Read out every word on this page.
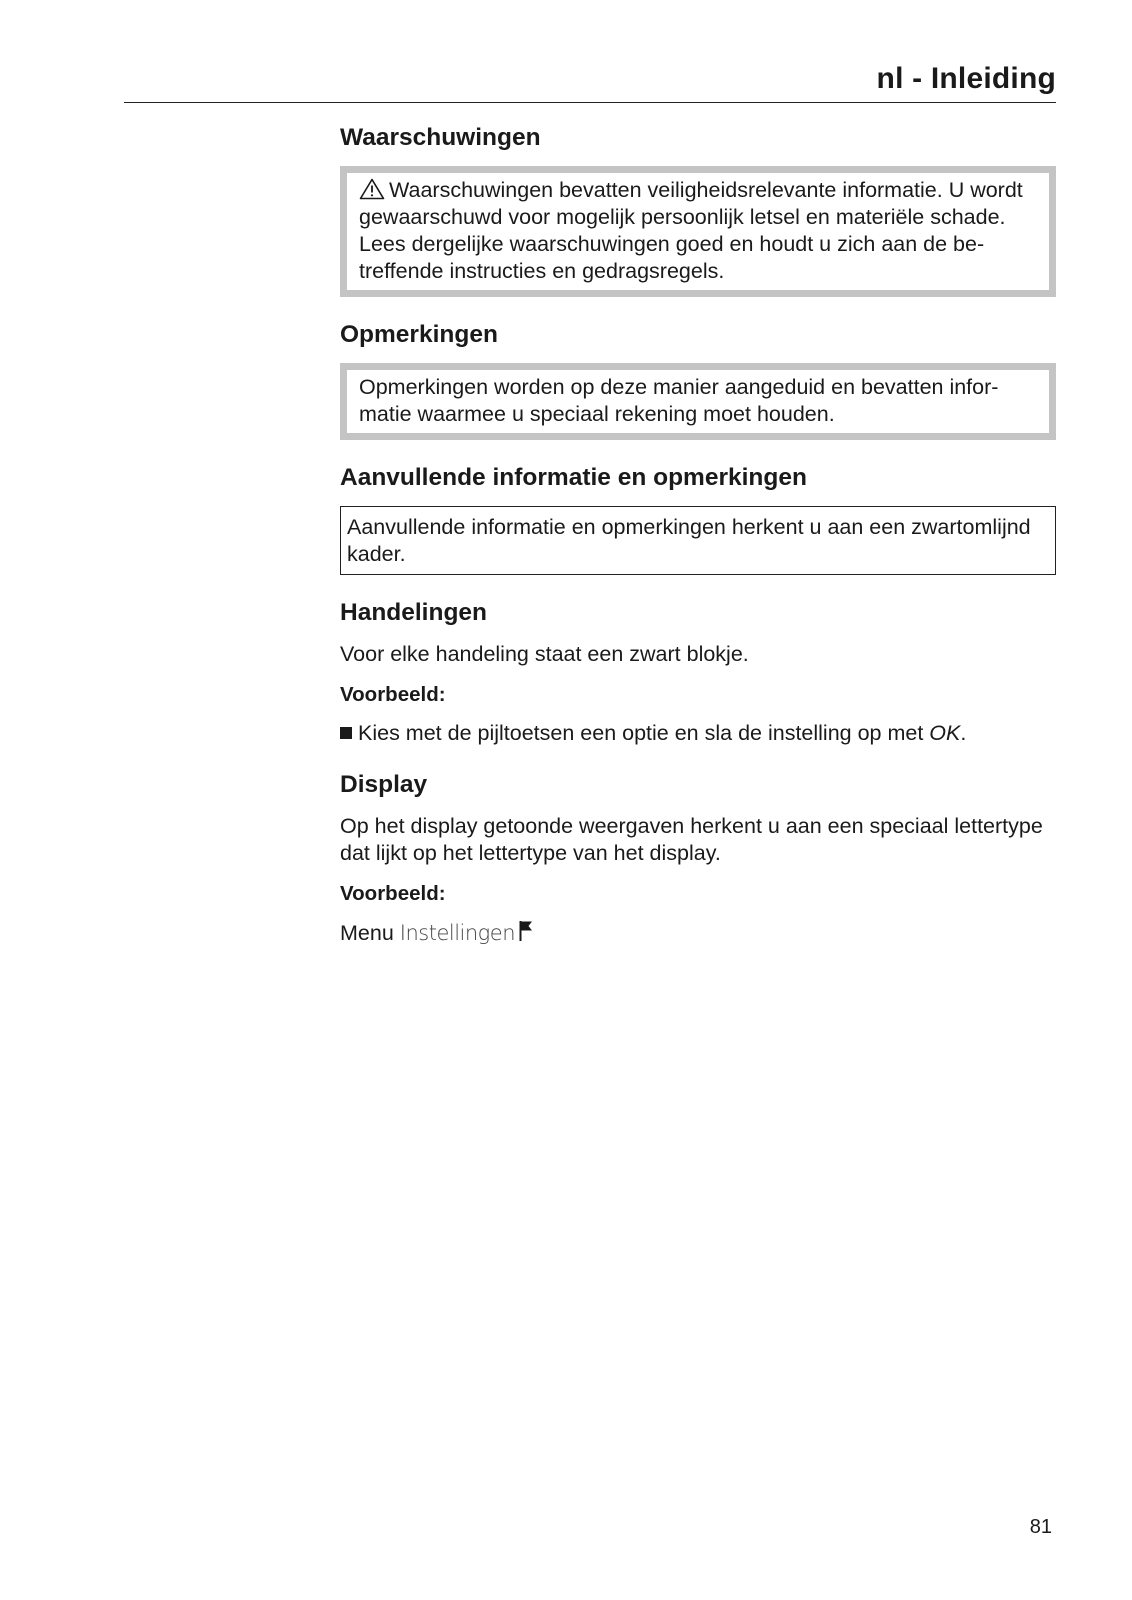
nl - Inleiding
Waarschuwingen

Waarschuwingen bevatten veiligheidsrelevante informatie. U wordt gewaarschuwd voor mogelijk persoonlijk letsel en materiële schade.

Lees dergelijke waarschuwingen goed en houdt u zich aan de betreffende instructies en gedragsregels.

Opmerkingen

Opmerkingen worden op deze manier aangeduid en bevatten informatie waarmee u speciaal rekening moet houden.

Aanvullende informatie en opmerkingen

Aanvullende informatie en opmerkingen herkent u aan een zwartomlijnd kader.

Handelingen

Voor elke handeling staat een zwart blokje.

Voorbeeld:

Kies met de pijltoetsen een optie en sla de instelling op met OK.

Display

Op het display getoonde weergaven herkent u aan een speciaal lettertype dat lijkt op het lettertype van het display.

Voorbeeld:

Menu Instellingen

81
